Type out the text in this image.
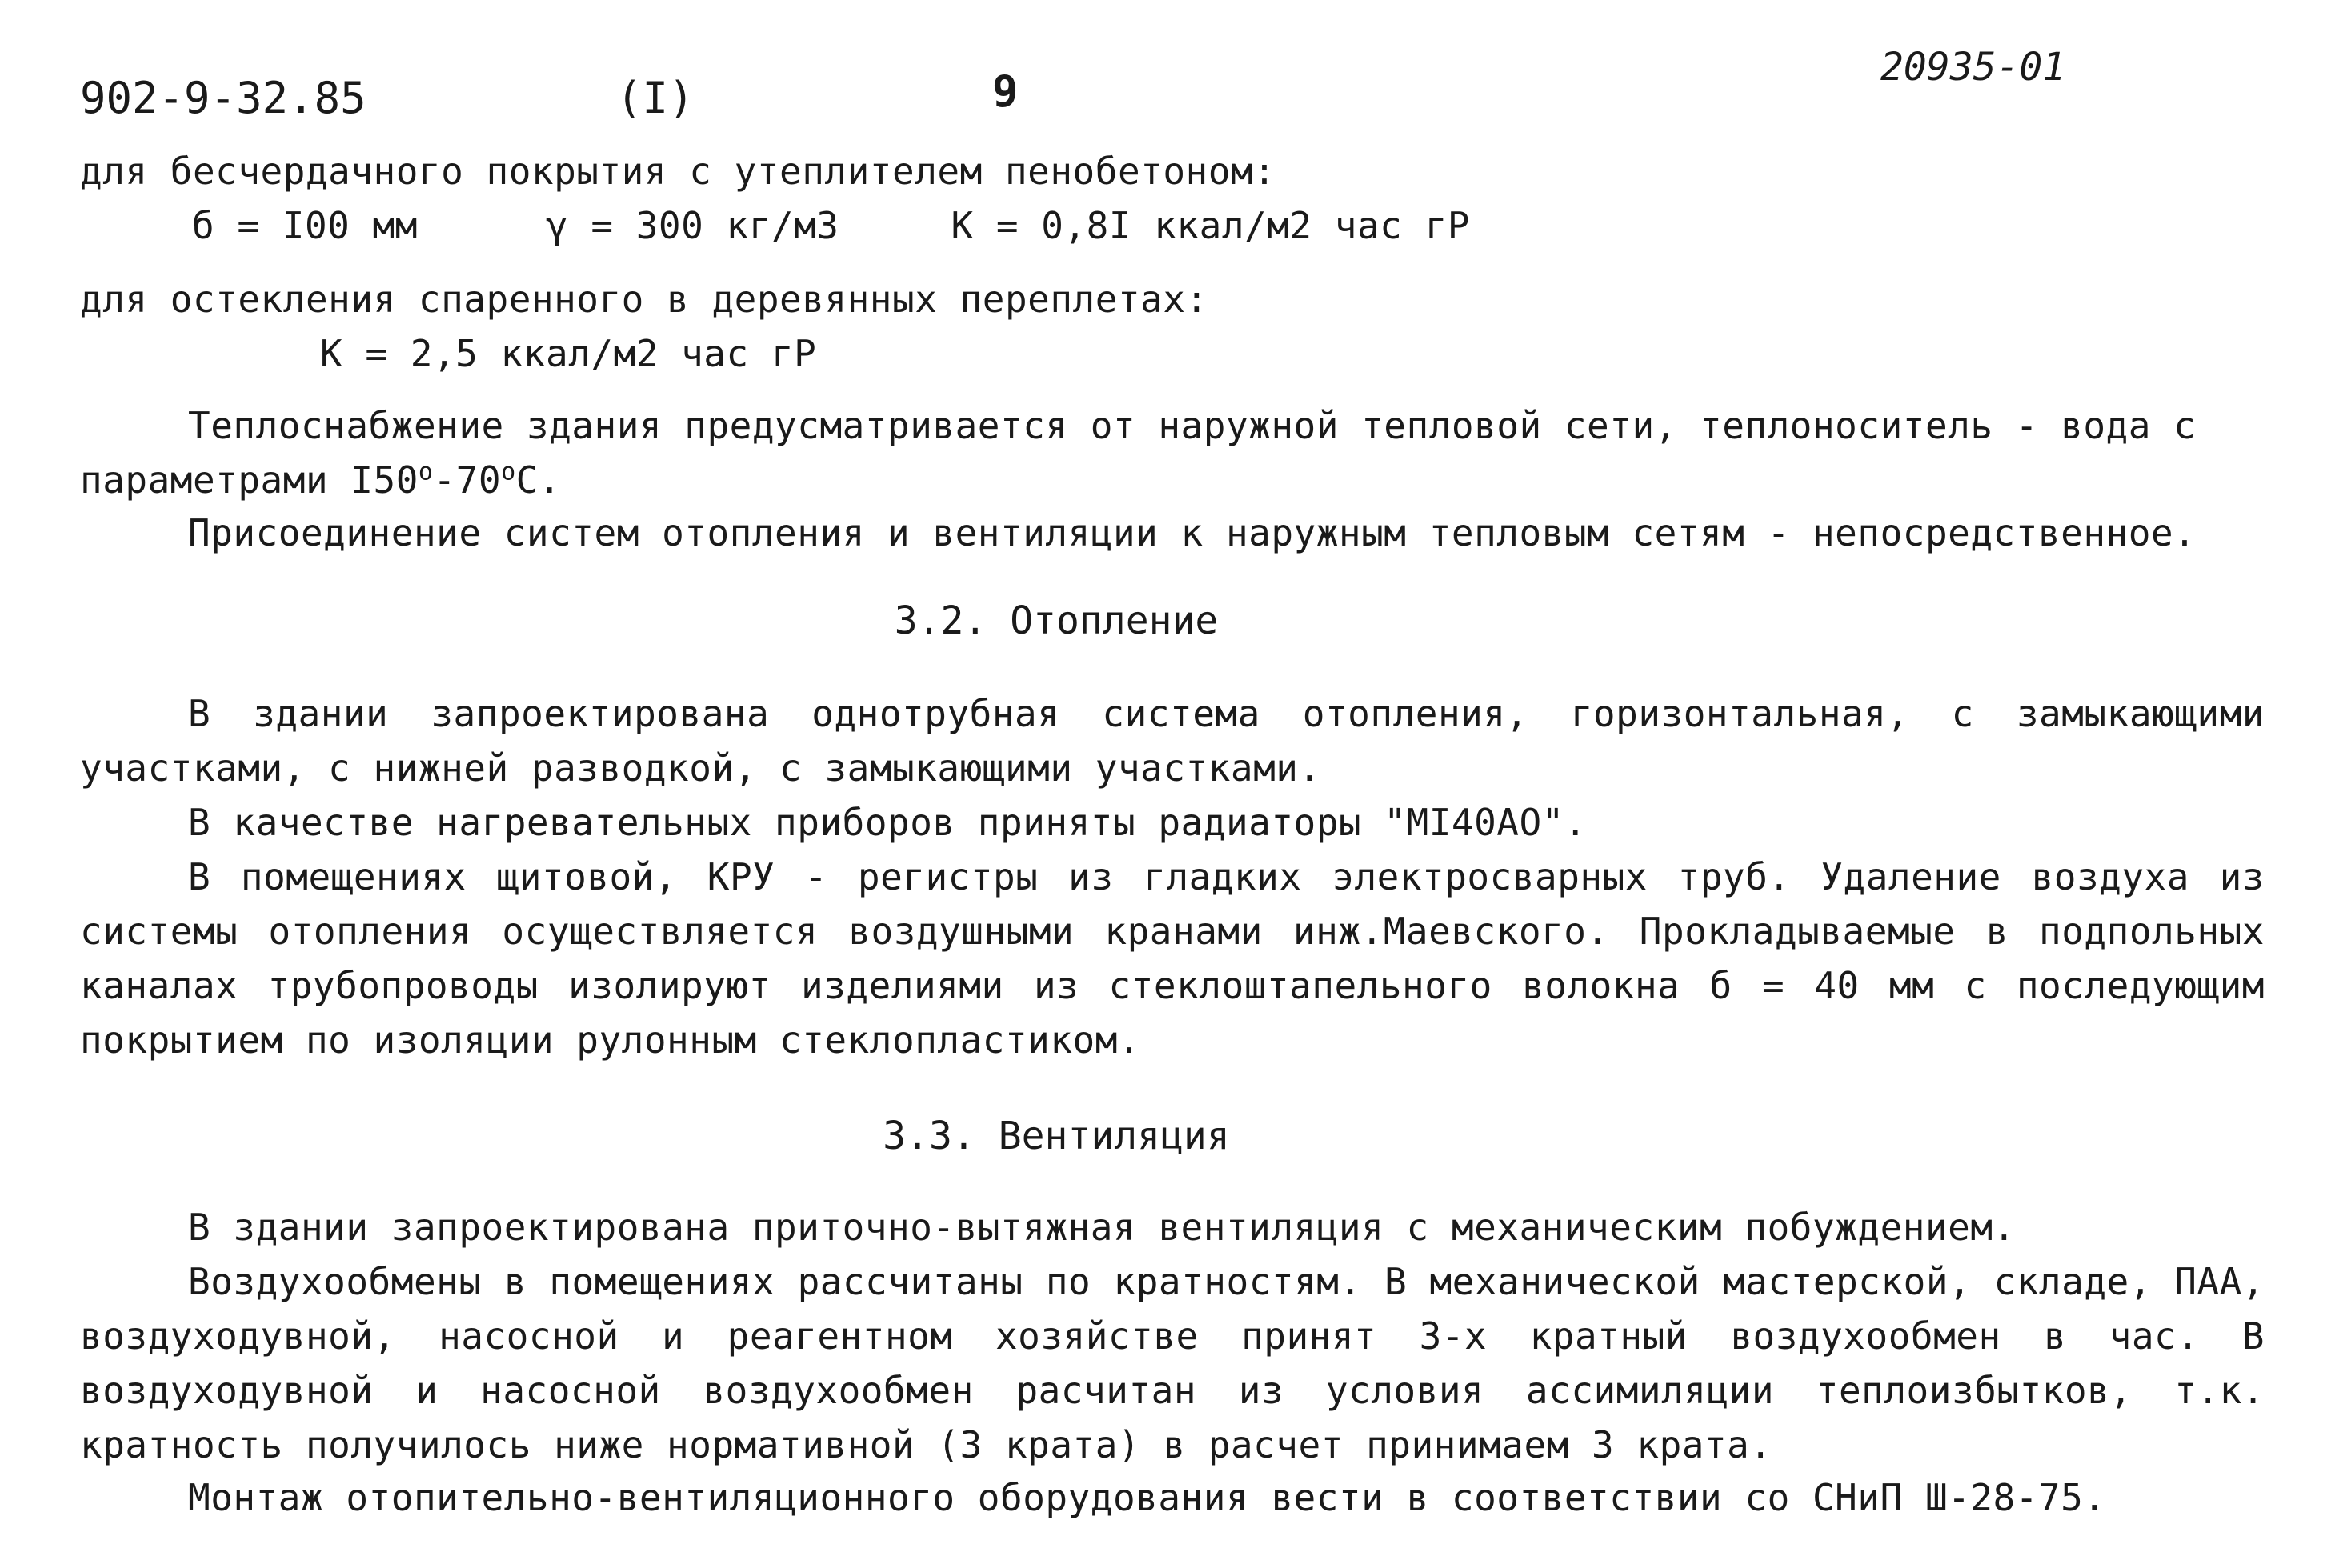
902-9-32.85	(I)	9	20935-01
для бесчердачного покрытия с утеплителем пенобетоном:
б = I00 мм	γ = 300 кг/м3	К = 0,8I ккал/м2 час гР
для остекления спаренного в деревянных переплетах:
К = 2,5 ккал/м2 час гР
Теплоснабжение здания предусматривается от наружной тепловой сети, теплоноситель - вода с
параметрами $I50^о-70^оС$.
Присоединение систем отопления и вентиляции к наружным тепловым сетям - непосредственное.
3.2. Отопление
В здании запроектирована однотрубная система отопления, горизонтальная, с замыкающими участками, с нижней разводкой, с замыкающими участками.
В качестве нагревательных приборов приняты радиаторы "МI40АО".
В помещениях щитовой, КРУ - регистры из гладких электросварных труб. Удаление воздуха из системы отопления осуществляется воздушными кранами инж.Маевского. Прокладываемые в подпольных каналах трубопроводы изолируют изделиями из стеклоштапельного волокна б = 40 мм с последующим покрытием по изоляции рулонным стеклопластиком.
3.3. Вентиляция
В здании запроектирована приточно-вытяжная вентиляция с механическим побуждением.
Воздухообмены в помещениях рассчитаны по кратностям. В механической мастерской, складе, ПАА, воздуходувной, насосной и реагентном хозяйстве принят 3-х кратный воздухообмен в час. В воздуходувной и насосной воздухообмен расчитан из условия ассимиляции теплоизбытков, т.к. кратность получилось ниже нормативной (3 крата) в расчет принимаем 3 крата.
Монтаж отопительно-вентиляционного оборудования вести в соответствии со СНиП Ш-28-75.
